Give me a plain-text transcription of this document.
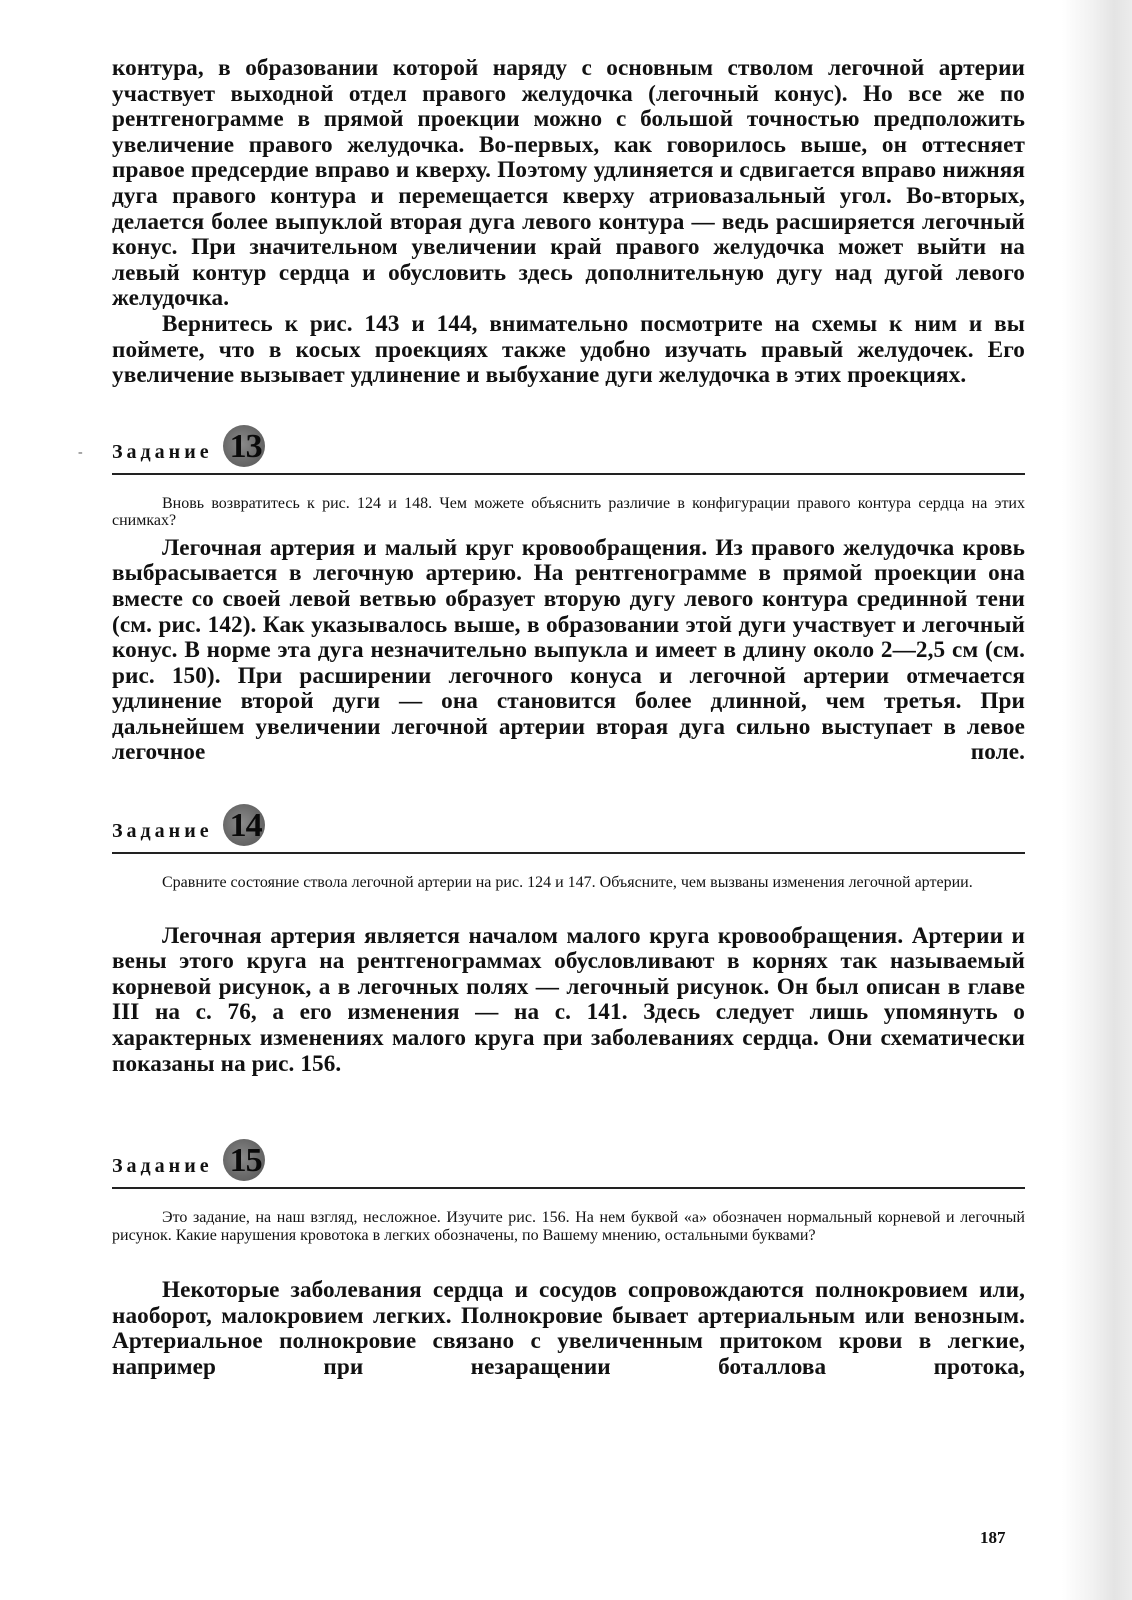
контура, в образовании которой наряду с основным стволом легочной артерии участвует выходной отдел правого желудочка (легочный конус). Но все же по рентгенограмме в прямой проекции можно с большой точностью предположить увеличение правого желудочка. Во-первых, как говорилось выше, он оттесняет правое предсердие вправо и кверху. Поэтому удлиняется и сдвигается вправо нижняя дуга правого контура и перемещается кверху атриовазальный угол. Во-вторых, делается более выпуклой вторая дуга левого контура — ведь расширяется легочный конус. При значительном увеличении край правого желудочка может выйти на левый контур сердца и обусловить здесь дополнительную дугу над дугой левого желудочка.

Вернитесь к рис. 143 и 144, внимательно посмотрите на схемы к ним и вы поймете, что в косых проекциях также удобно изучать правый желудочек. Его увеличение вызывает удлинение и выбухание дуги желудочка в этих проекциях.

- Задание 13

Вновь возвратитесь к рис. 124 и 148. Чем можете объяснить различие в конфигурации правого контура сердца на этих снимках?

Легочная артерия и малый круг кровообращения. Из правого желудочка кровь выбрасывается в легочную артерию. На рентгенограмме в прямой проекции она вместе со своей левой ветвью образует вторую дугу левого контура срединной тени (см. рис. 142). Как указывалось выше, в образовании этой дуги участвует и легочный конус. В норме эта дуга незначительно выпукла и имеет в длину около 2—2,5 см (см. рис. 150). При расширении легочного конуса и легочной артерии отмечается удлинение второй дуги — она становится более длинной, чем третья. При дальнейшем увеличении легочной артерии вторая дуга сильно выступает в левое легочное поле.

Задание 14

Сравните состояние ствола легочной артерии на рис. 124 и 147. Объясните, чем вызваны изменения легочной артерии.

Легочная артерия является началом малого круга кровообращения. Артерии и вены этого круга на рентгенограммах обусловливают в корнях так называемый корневой рисунок, а в легочных полях — легочный рисунок. Он был описан в главе III на с. 76, а его изменения — на с. 141. Здесь следует лишь упомянуть о характерных изменениях малого круга при заболеваниях сердца. Они схематически показаны на рис. 156.

Задание 15

Это задание, на наш взгляд, несложное. Изучите рис. 156. На нем буквой «а» обозначен нормальный корневой и легочный рисунок. Какие нарушения кровотока в легких обозначены, по Вашему мнению, остальными буквами?

Некоторые заболевания сердца и сосудов сопровождаются полнокровием или, наоборот, малокровием легких. Полнокровие бывает артериальным или венозным. Артериальное полнокровие связано с увеличенным притоком крови в легкие, например при незаращении боталлова протока,

187
